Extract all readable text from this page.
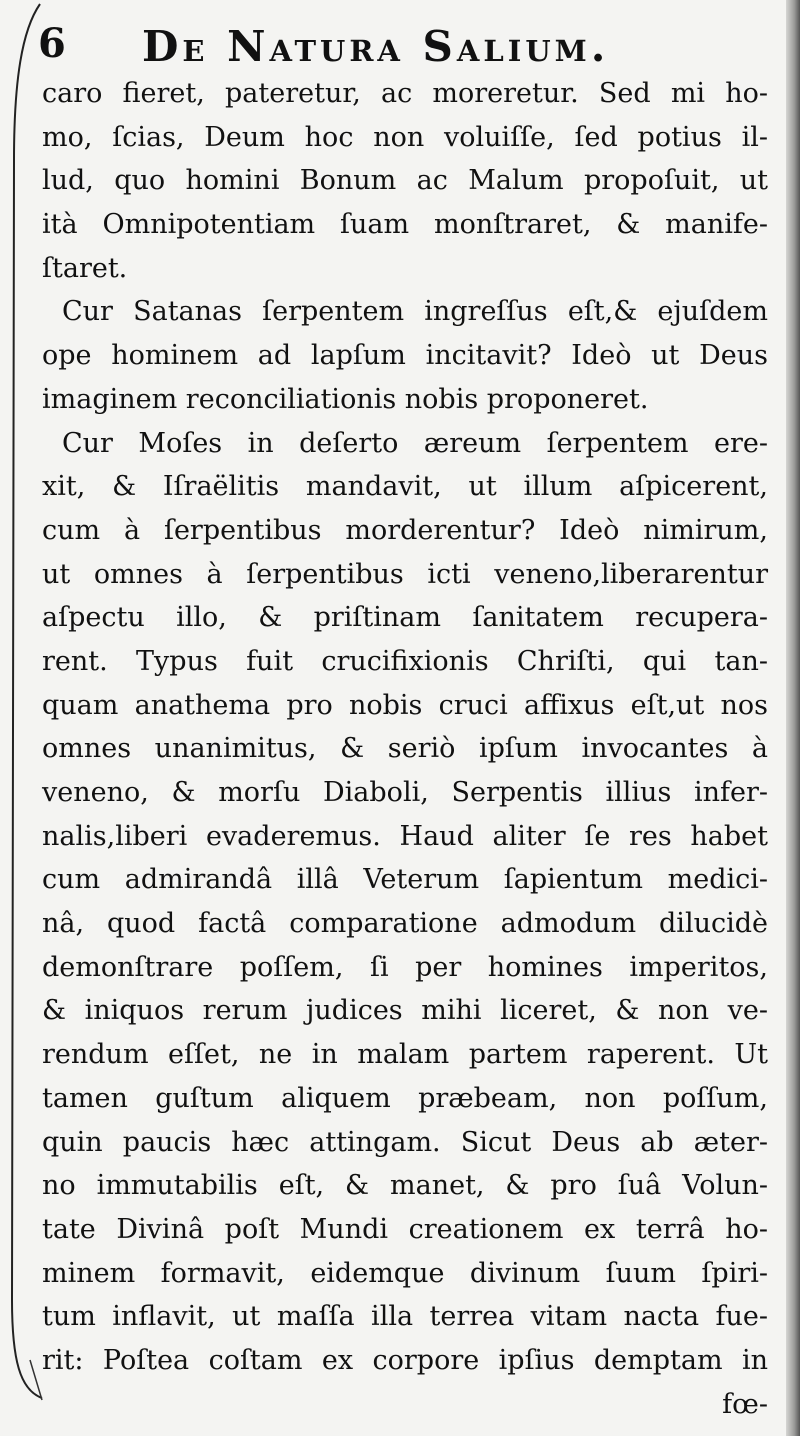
6 De Natura Salium.
caro fieret, pateretur, ac moreretur. Sed mi ho-
mo, ſcias, Deum hoc non voluiſſe, ſed potius il-
lud, quo homini Bonum ac Malum propoſuit, ut
ità Omnipotentiam ſuam monſtraret, & manife-
ſtaret.
Cur Satanas ſerpentem ingreſſus eſt,& ejuſdem
ope hominem ad lapſum incitavit? Ideò ut Deus
imaginem reconciliationis nobis proponeret.
Cur Moſes in deſerto æreum ſerpentem ere-
xit, & Iſraëlitis mandavit, ut illum aſpicerent,
cum à ſerpentibus morderentur? Ideò nimirum,
ut omnes à ſerpentibus icti veneno,liberarentur
aſpectu illo, & priſtinam ſanitatem recupera-
rent. Typus fuit crucifixionis Chriſti, qui tan-
quam anathema pro nobis cruci affixus eſt,ut nos
omnes unanimitus, & seriò ipſum invocantes à
veneno, & morſu Diaboli, Serpentis illius infer-
nalis,liberi evaderemus. Haud aliter ſe res habet
cum admirandâ illâ Veterum ſapientum medici-
nâ, quod factâ comparatione admodum dilucidè
demonſtrare poſſem, ſi per homines imperitos,
& iniquos rerum judices mihi liceret, & non ve-
rendum eſſet, ne in malam partem raperent. Ut
tamen guſtum aliquem præbeam, non poſſum,
quin paucis hæc attingam. Sicut Deus ab æter-
no immutabilis eſt, & manet, & pro ſuâ Volun-
tate Divinâ poſt Mundi creationem ex terrâ ho-
minem formavit, eidemque divinum ſuum ſpiri-
tum inflavit, ut maſſa illa terrea vitam nacta fue-
rit: Poſtea coſtam ex corpore ipſius demptam in
fœ-
